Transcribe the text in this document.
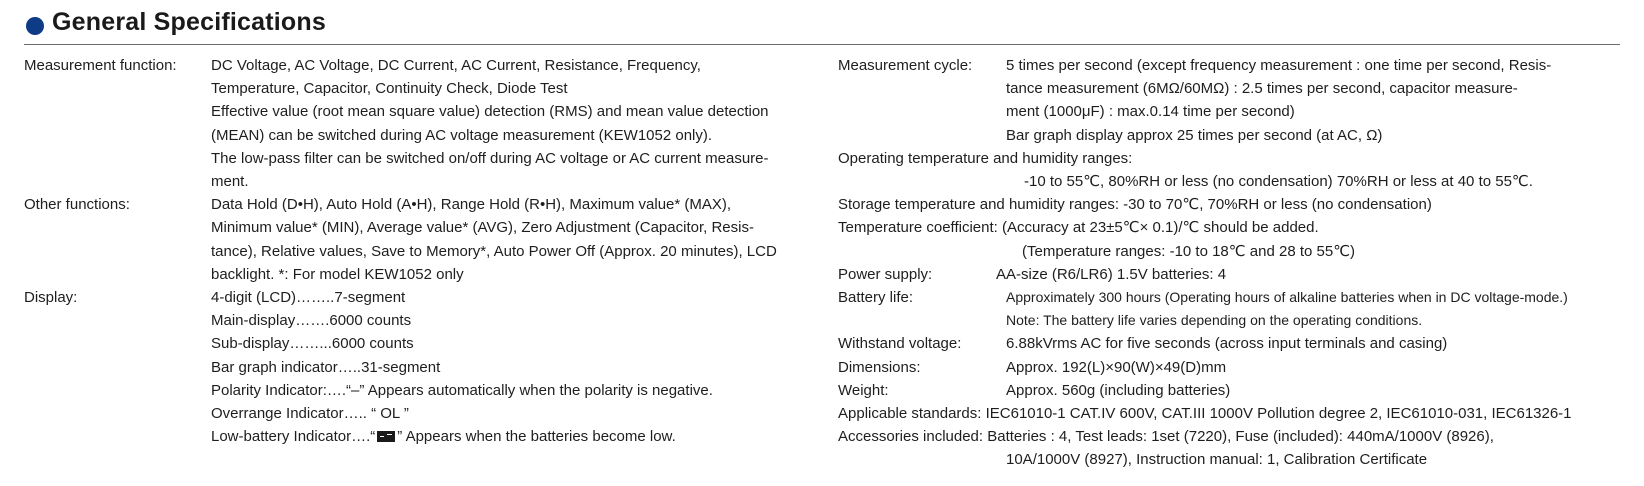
General Specifications
Measurement function: DC Voltage, AC Voltage, DC Current, AC Current, Resistance, Frequency,
Temperature, Capacitor, Continuity Check, Diode Test
Effective value (root mean square value) detection (RMS) and mean value detection
(MEAN) can be switched during AC voltage measurement (KEW1052 only).
The low-pass filter can be switched on/off during AC voltage or AC current measure-
ment.
Other functions:	Data Hold (D•H), Auto Hold (A•H), Range Hold (R•H), Maximum value* (MAX),
Minimum value* (MIN), Average value* (AVG), Zero Adjustment (Capacitor, Resis-
tance), Relative values, Save to Memory*, Auto Power Off (Approx. 20 minutes), LCD
backlight. *: For model KEW1052 only
Display:	4-digit (LCD)……..7-segment
Main-display…….6000 counts
Sub-display……...6000 counts
Bar graph indicator…..31-segment
Polarity Indicator:….“–” Appears automatically when the polarity is negative.
Overrange Indicator….. “ OL ”
Low-battery Indicator….“ ” Appears when the batteries become low.
Measurement cycle: 5 times per second (except frequency measurement : one time per second, Resis-
tance measurement (6MΩ/60MΩ) : 2.5 times per second, capacitor measure-
ment (1000μF) : max.0.14 time per second)
Bar graph display approx 25 times per second (at AC, Ω)
Operating temperature and humidity ranges:
-10 to 55℃, 80%RH or less (no condensation) 70%RH or less at 40 to 55℃.
Storage temperature and humidity ranges: -30 to 70℃, 70%RH or less (no condensation)
Temperature coefficient: (Accuracy at 23±5℃× 0.1)/℃ should be added.
(Temperature ranges: -10 to 18℃ and 28 to 55℃)
Power supply:	AA-size (R6/LR6) 1.5V batteries: 4
Battery life:	Approximately 300 hours (Operating hours of alkaline batteries when in DC voltage-mode.)
Note: The battery life varies depending on the operating conditions.
Withstand voltage:	6.88kVrms AC for five seconds (across input terminals and casing)
Dimensions:	Approx. 192(L)×90(W)×49(D)mm
Weight:	Approx. 560g (including batteries)
Applicable standards: IEC61010-1 CAT.IV 600V, CAT.III 1000V Pollution degree 2, IEC61010-031, IEC61326-1
Accessories included: Batteries : 4, Test leads: 1set (7220), Fuse (included): 440mA/1000V (8926),
10A/1000V (8927), Instruction manual: 1, Calibration Certificate
